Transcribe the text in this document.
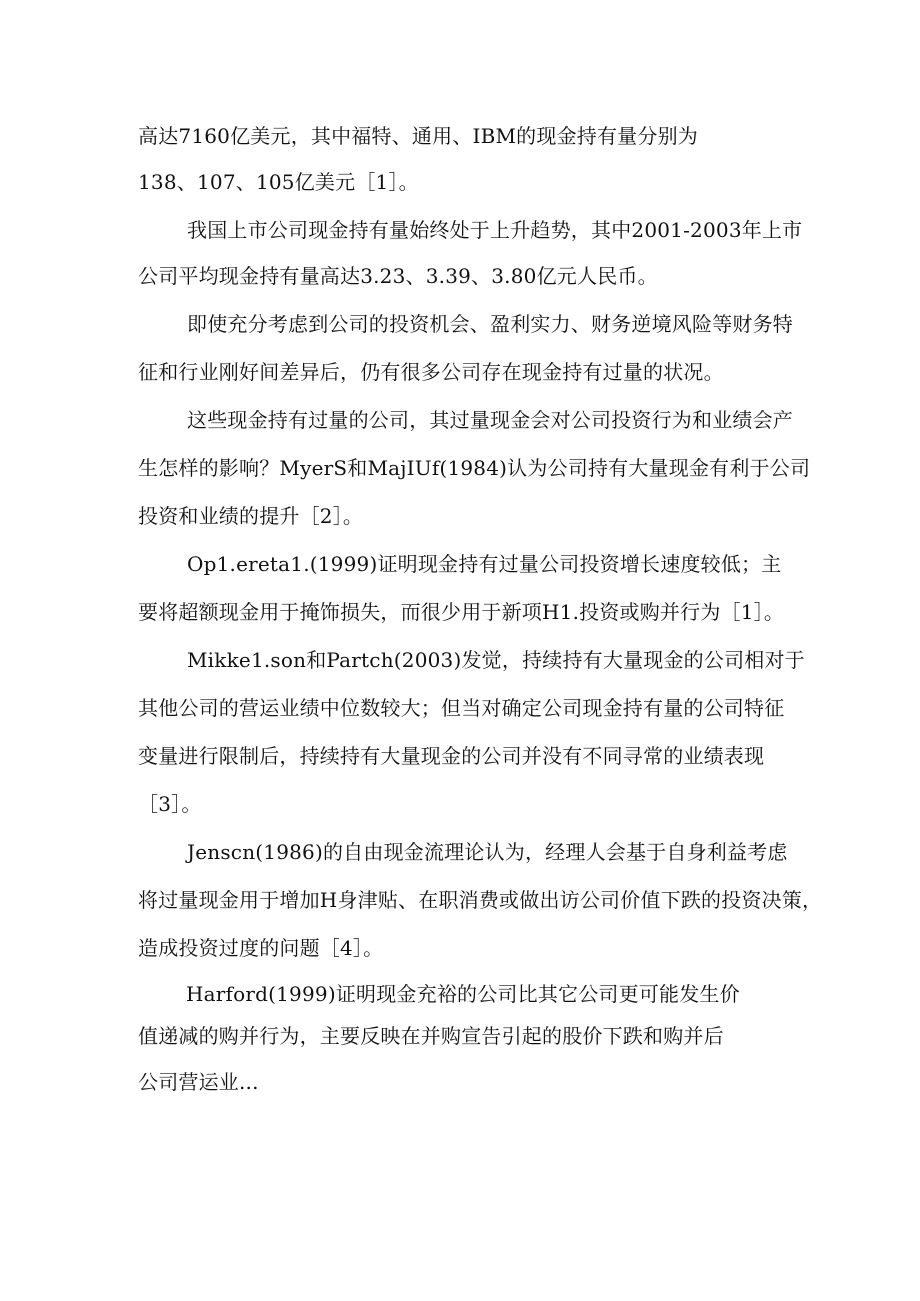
高达7160亿美元，其中福特、通用、IBM的现金持有量分别为
138、107、105亿美元［1］。
我国上市公司现金持有量始终处于上升趋势，其中2001-2003年上市
公司平均现金持有量高达3.23、3.39、3.80亿元人民币。
即使充分考虑到公司的投资机会、盈利实力、财务逆境风险等财务特
征和行业刚好间差异后，仍有很多公司存在现金持有过量的状况。
这些现金持有过量的公司，其过量现金会对公司投资行为和业绩会产
生怎样的影响？MyerS和MajIUf(1984)认为公司持有大量现金有利于公司
投资和业绩的提升［2］。
Op1.ereta1.(1999)证明现金持有过量公司投资增长速度较低；主
要将超额现金用于掩饰损失，而很少用于新项H1.投资或购并行为［1］。
Mikke1.son和Partch(2003)发觉，持续持有大量现金的公司相对于
其他公司的营运业绩中位数较大；但当对确定公司现金持有量的公司特征
变量进行限制后，持续持有大量现金的公司并没有不同寻常的业绩表现
［3］。
Jenscn(1986)的自由现金流理论认为，经理人会基于自身利益考虑
将过量现金用于增加H身津贴、在职消费或做出访公司价值下跌的投资决策，
造成投资过度的问题［4］。
Harford(1999)证明现金充裕的公司比其它公司更可能发生价
值递减的购并行为，主要反映在并购宣告引起的股价下跌和购并后
公司营运业...
